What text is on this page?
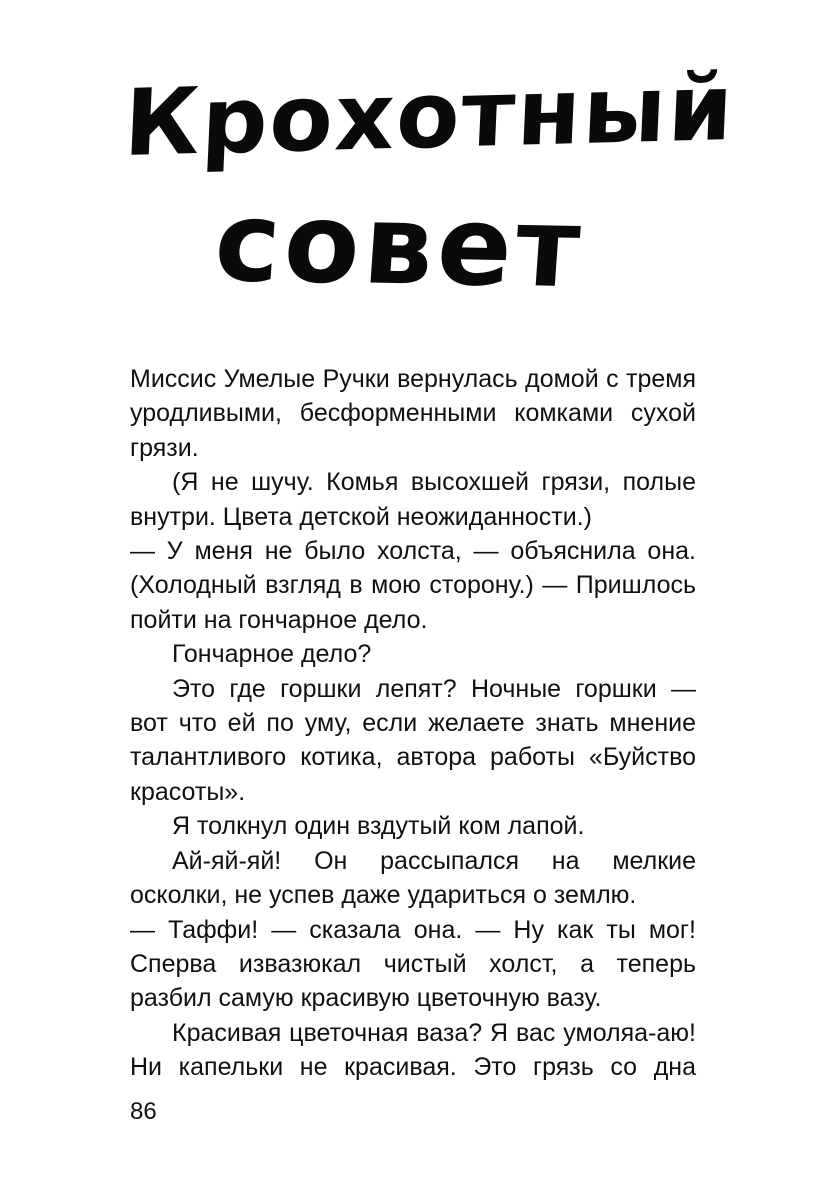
Крохотный
совет

Миссис Умелые Ручки вернулась домой с тремя уродливыми, бесформенными комками сухой грязи.

(Я не шучу. Комья высохшей грязи, полые внутри. Цвета детской неожиданности.)

— У меня не было холста, — объяснила она. (Холодный взгляд в мою сторону.) — Пришлось пойти на гончарное дело.

Гончарное дело?

Это где горшки лепят? Ночные горшки — вот что ей по уму, если желаете знать мнение талантливого котика, автора работы «Буйство красоты».

Я толкнул один вздутый ком лапой.

Ай-яй-яй! Он рассыпался на мелкие осколки, не успев даже удариться о землю.

— Таффи! — сказала она. — Ну как ты мог! Сперва извазюкал чистый холст, а теперь разбил самую красивую цветочную вазу.

Красивая цветочная ваза? Я вас умоляа-аю! Ни капельки не красивая. Это грязь со дна

86
